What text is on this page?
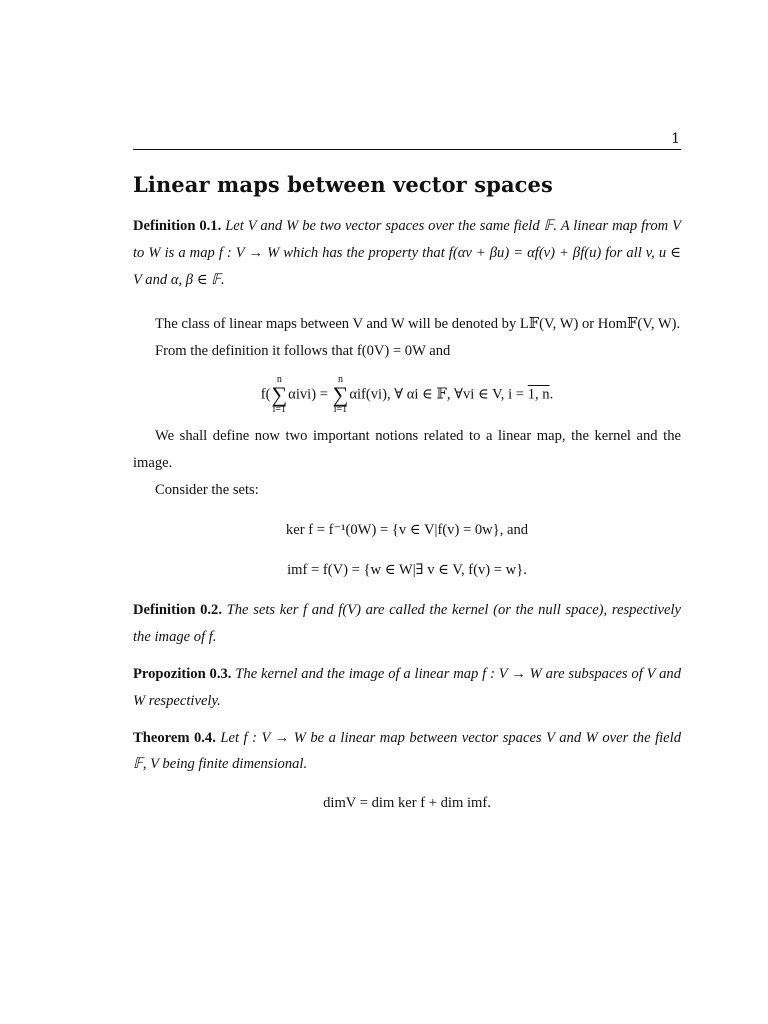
1
Linear maps between vector spaces

Definition 0.1. Let V and W be two vector spaces over the same field 𝔽. A linear map from V to W is a map f : V → W which has the property that f(αv + βu) = αf(v) + βf(u) for all v, u ∈ V and α, β ∈ 𝔽.

The class of linear maps between V and W will be denoted by L𝔽(V, W) or Hom𝔽(V, W).

From the definition it follows that f(0V) = 0W and

f(n
∑
i=1αivi) = n
∑
i=1αif(vi), ∀ αi ∈ 𝔽, ∀vi ∈ V, i = 1, n.

We shall define now two important notions related to a linear map, the kernel and the image.

Consider the sets:

ker f = f⁻¹(0W) = {v ∈ V|f(v) = 0w}, and
imf = f(V) = {w ∈ W|∃ v ∈ V, f(v) = w}.

Definition 0.2. The sets ker f and f(V) are called the kernel (or the null space), respectively the image of f.

Propozition 0.3. The kernel and the image of a linear map f : V → W are subspaces of V and W respectively.

Theorem 0.4. Let f : V → W be a linear map between vector spaces V and W over the field 𝔽, V being finite dimensional.

dimV = dim ker f + dim imf.
